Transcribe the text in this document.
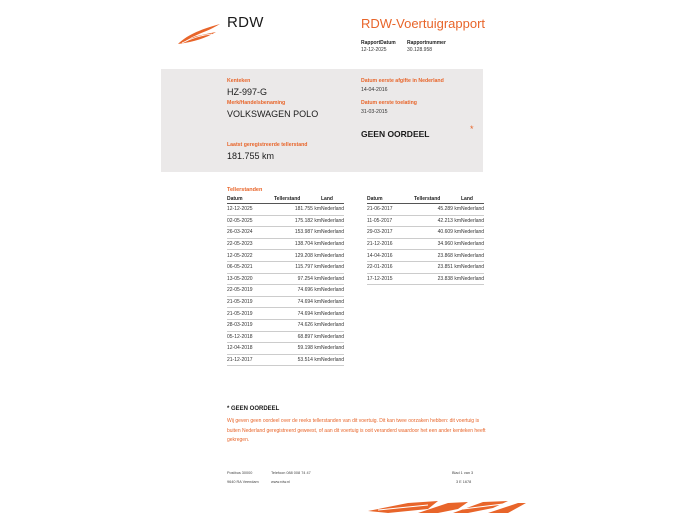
RDW	RDW-Voertuigrapport
RapportDatum
12-12-2025
Rapportnummer
30.128.958
Kenteken
HZ-997-G
Merk/Handelsbenaming
VOLKSWAGEN POLO
Laatst geregistreerde tellerstand
181.755 km
Datum eerste afgifte in Nederland
14-04-2016
Datum eerste toelating
31-03-2015
GEEN OORDEEL	*
Tellerstanden
Datum	Tellerstand	Land
12-12-2025	181.755 km	Nederland
02-05-2025	175.182 km	Nederland
26-03-2024	153.987 km	Nederland
22-05-2023	138.704 km	Nederland
12-05-2022	129.208 km	Nederland
06-05-2021	115.797 km	Nederland
13-05-2020	97.254 km	Nederland
22-05-2019	74.696 km	Nederland
21-05-2019	74.694 km	Nederland
21-05-2019	74.694 km	Nederland
28-03-2019	74.626 km	Nederland
05-12-2018	68.897 km	Nederland
12-04-2018	59.198 km	Nederland
21-12-2017	53.514 km	Nederland
Datum	Tellerstand	Land
21-06-2017	45.289 km	Nederland
11-05-2017	42.213 km	Nederland
29-03-2017	40.609 km	Nederland
21-12-2016	34.960 km	Nederland
14-04-2016	23.868 km	Nederland
22-01-2016	23.851 km	Nederland
17-12-2015	23.838 km	Nederland
* GEEN OORDEEL
Wij geven geen oordeel over de reeks tellerstanden van dit voertuig. Dit kan twee oorzaken hebben: dit voertuig is buiten Nederland geregistreerd geweest, of aan dit voertuig is ooit veranderd waardoor het een ander kenteken heeft gekregen.
Postbus 30000
9640 RA Veendam
Telefoon 088 008 74 47
www.rdw.nl
Blad 1 van 3
3 E 1678
